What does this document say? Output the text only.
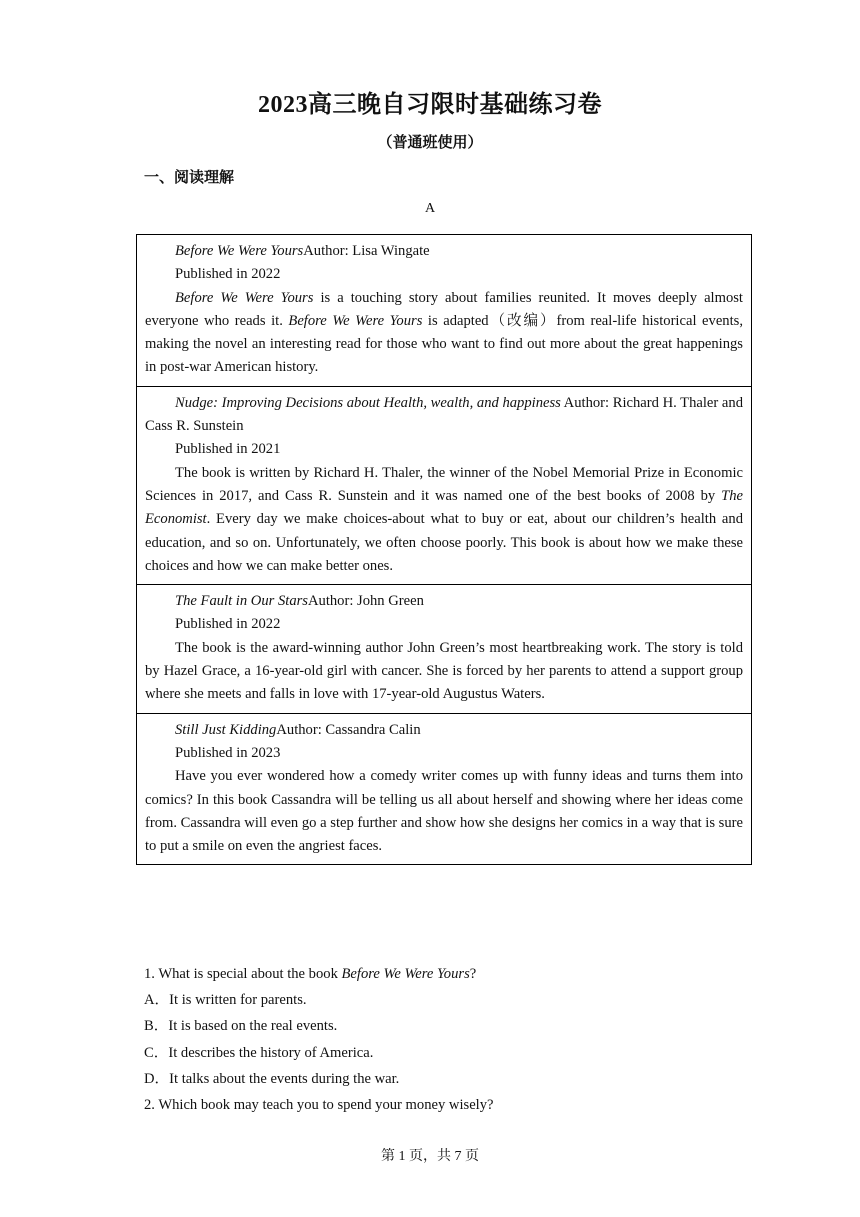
2023高三晚自习限时基础练习卷
（普通班使用）
一、阅读理解
A

Before We Were YoursAuthor: Lisa Wingate

Published in 2022

Before We Were Yours is a touching story about families reunited. It moves deeply almost everyone who reads it. Before We Were Yours is adapted（改编）from real-life historical events, making the novel an interesting read for those who want to find out more about the great happenings in post-war American history.

Nudge: Improving Decisions about Health, wealth, and happiness Author: Richard H. Thaler and Cass R. Sunstein

Published in 2021

The book is written by Richard H. Thaler, the winner of the Nobel Memorial Prize in Economic Sciences in 2017, and Cass R. Sunstein and it was named one of the best books of 2008 by The Economist. Every day we make choices-about what to buy or eat, about our children’s health and education, and so on. Unfortunately, we often choose poorly. This book is about how we make these choices and how we can make better ones.

The Fault in Our StarsAuthor: John Green

Published in 2022

The book is the award-winning author John Green’s most heartbreaking work. The story is told by Hazel Grace, a 16-year-old girl with cancer. She is forced by her parents to attend a support group where she meets and falls in love with 17-year-old Augustus Waters.

Still Just KiddingAuthor: Cassandra Calin

Published in 2023

Have you ever wondered how a comedy writer comes up with funny ideas and turns them into comics? In this book Cassandra will be telling us all about herself and showing where her ideas come from. Cassandra will even go a step further and show how she designs her comics in a way that is sure to put a smile on even the angriest faces.

1. What is special about the book Before We Were Yours?
A．It is written for parents.
B．It is based on the real events.
C．It describes the history of America.
D．It talks about the events during the war.
2. Which book may teach you to spend your money wisely?
第 1 页，共 7 页
